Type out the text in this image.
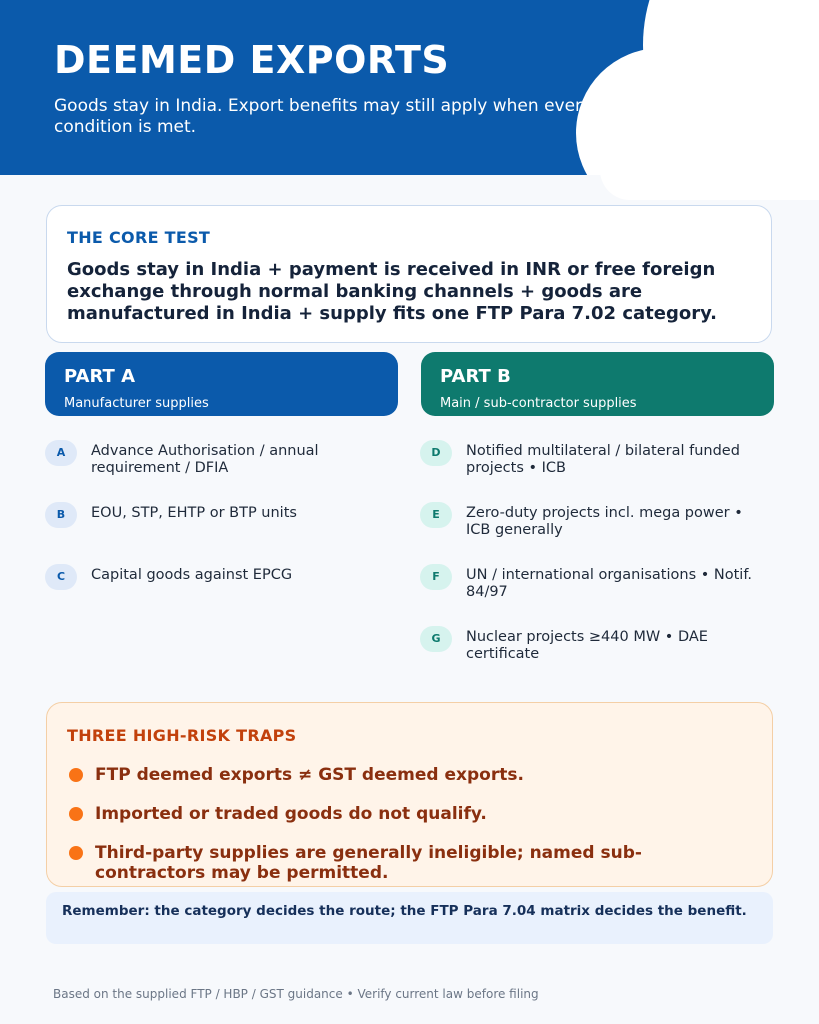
DEEMED EXPORTS
Goods stay in India. Export benefits may still apply when every condition is met.
THE CORE TEST
Goods stay in India + payment is received in INR or free foreign exchange through normal banking channels + goods are manufactured in India + supply fits one FTP Para 7.02 category.
PART A
Manufacturer supplies
PART B
Main / sub-contractor supplies
A	Advance Authorisation / annual requirement / DFIA
B	EOU, STP, EHTP or BTP units
C	Capital goods against EPCG
D	Notified multilateral / bilateral funded projects • ICB
E	Zero-duty projects incl. mega power • ICB generally
F	UN / international organisations • Notif. 84/97
G	Nuclear projects ≥440 MW • DAE certificate
THREE HIGH-RISK TRAPS
FTP deemed exports ≠ GST deemed exports.
Imported or traded goods do not qualify.
Third-party supplies are generally ineligible; named sub-contractors may be permitted.
Remember: the category decides the route; the FTP Para 7.04 matrix decides the benefit.
Based on the supplied FTP / HBP / GST guidance • Verify current law before filing
